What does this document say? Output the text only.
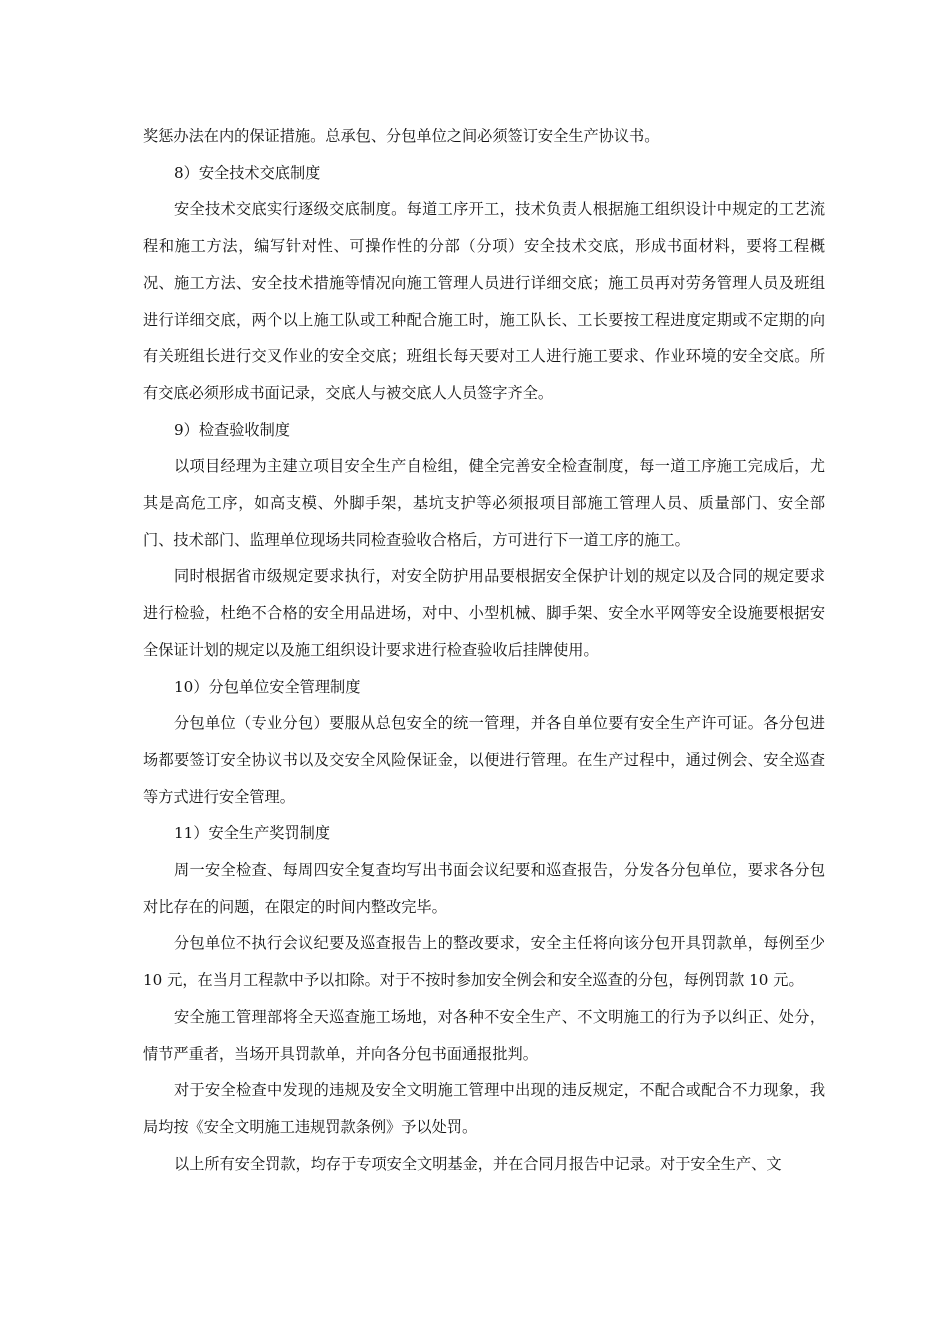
奖惩办法在内的保证措施。总承包、分包单位之间必须签订安全生产协议书。

8）安全技术交底制度

安全技术交底实行逐级交底制度。每道工序开工，技术负责人根据施工组织设计中规定的工艺流程和施工方法，编写针对性、可操作性的分部（分项）安全技术交底，形成书面材料，要将工程概况、施工方法、安全技术措施等情况向施工管理人员进行详细交底；施工员再对劳务管理人员及班组进行详细交底，两个以上施工队或工种配合施工时，施工队长、工长要按工程进度定期或不定期的向有关班组长进行交叉作业的安全交底；班组长每天要对工人进行施工要求、作业环境的安全交底。所有交底必须形成书面记录，交底人与被交底人人员签字齐全。

9）检查验收制度

以项目经理为主建立项目安全生产自检组，健全完善安全检查制度，每一道工序施工完成后，尤其是高危工序，如高支模、外脚手架，基坑支护等必须报项目部施工管理人员、质量部门、安全部门、技术部门、监理单位现场共同检查验收合格后，方可进行下一道工序的施工。

同时根据省市级规定要求执行，对安全防护用品要根据安全保护计划的规定以及合同的规定要求进行检验，杜绝不合格的安全用品进场，对中、小型机械、脚手架、安全水平网等安全设施要根据安全保证计划的规定以及施工组织设计要求进行检查验收后挂牌使用。

10）分包单位安全管理制度

分包单位（专业分包）要服从总包安全的统一管理，并各自单位要有安全生产许可证。各分包进场都要签订安全协议书以及交安全风险保证金，以便进行管理。在生产过程中，通过例会、安全巡查等方式进行安全管理。

11）安全生产奖罚制度

周一安全检查、每周四安全复查均写出书面会议纪要和巡查报告，分发各分包单位，要求各分包对比存在的问题，在限定的时间内整改完毕。

分包单位不执行会议纪要及巡查报告上的整改要求，安全主任将向该分包开具罚款单，每例至少 10 元，在当月工程款中予以扣除。对于不按时参加安全例会和安全巡查的分包，每例罚款 10 元。

安全施工管理部将全天巡查施工场地，对各种不安全生产、不文明施工的行为予以纠正、处分，情节严重者，当场开具罚款单，并向各分包书面通报批判。

对于安全检查中发现的违规及安全文明施工管理中出现的违反规定，不配合或配合不力现象，我局均按《安全文明施工违规罚款条例》予以处罚。

以上所有安全罚款，均存于专项安全文明基金，并在合同月报告中记录。对于安全生产、文
